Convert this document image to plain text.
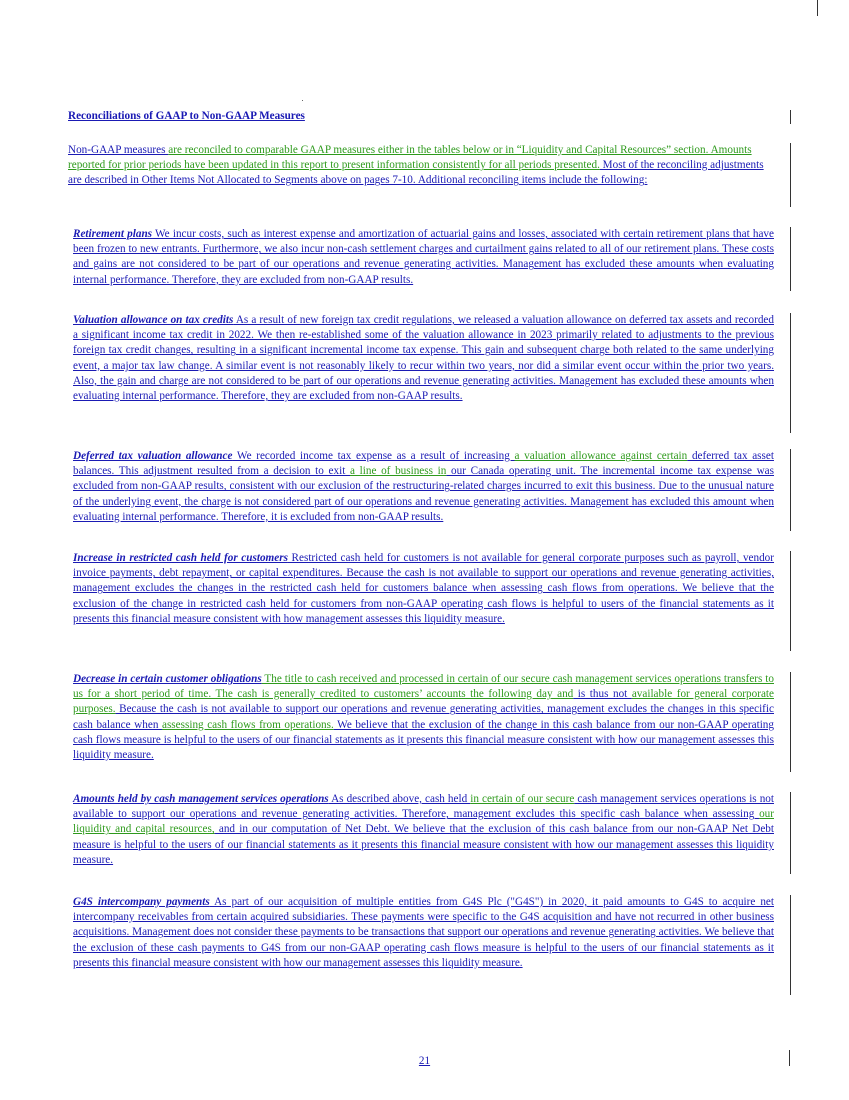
Reconciliations of GAAP to Non-GAAP Measures
Non-GAAP measures are reconciled to comparable GAAP measures either in the tables below or in “Liquidity and Capital Resources” section. Amounts reported for prior periods have been updated in this report to present information consistently for all periods presented. Most of the reconciling adjustments are described in Other Items Not Allocated to Segments above on pages 7-10. Additional reconciling items include the following:
Retirement plans We incur costs, such as interest expense and amortization of actuarial gains and losses, associated with certain retirement plans that have been frozen to new entrants. Furthermore, we also incur non-cash settlement charges and curtailment gains related to all of our retirement plans. These costs and gains are not considered to be part of our operations and revenue generating activities. Management has excluded these amounts when evaluating internal performance. Therefore, they are excluded from non-GAAP results.
Valuation allowance on tax credits As a result of new foreign tax credit regulations, we released a valuation allowance on deferred tax assets and recorded a significant income tax credit in 2022. We then re-established some of the valuation allowance in 2023 primarily related to adjustments to the previous foreign tax credit changes, resulting in a significant incremental income tax expense. This gain and subsequent charge both related to the same underlying event, a major tax law change. A similar event is not reasonably likely to recur within two years, nor did a similar event occur within the prior two years. Also, the gain and charge are not considered to be part of our operations and revenue generating activities. Management has excluded these amounts when evaluating internal performance. Therefore, they are excluded from non-GAAP results.
Deferred tax valuation allowance We recorded income tax expense as a result of increasing a valuation allowance against certain deferred tax asset balances. This adjustment resulted from a decision to exit a line of business in our Canada operating unit. The incremental income tax expense was excluded from non-GAAP results, consistent with our exclusion of the restructuring-related charges incurred to exit this business. Due to the unusual nature of the underlying event, the charge is not considered part of our operations and revenue generating activities. Management has excluded this amount when evaluating internal performance. Therefore, it is excluded from non-GAAP results.
Increase in restricted cash held for customers Restricted cash held for customers is not available for general corporate purposes such as payroll, vendor invoice payments, debt repayment, or capital expenditures. Because the cash is not available to support our operations and revenue generating activities, management excludes the changes in the restricted cash held for customers balance when assessing cash flows from operations. We believe that the exclusion of the change in restricted cash held for customers from non-GAAP operating cash flows is helpful to users of the financial statements as it presents this financial measure consistent with how management assesses this liquidity measure.
Decrease in certain customer obligations The title to cash received and processed in certain of our secure cash management services operations transfers to us for a short period of time. The cash is generally credited to customers’ accounts the following day and is thus not available for general corporate purposes. Because the cash is not available to support our operations and revenue generating activities, management excludes the changes in this specific cash balance when assessing cash flows from operations. We believe that the exclusion of the change in this cash balance from our non-GAAP operating cash flows measure is helpful to the users of our financial statements as it presents this financial measure consistent with how our management assesses this liquidity measure.
Amounts held by cash management services operations As described above, cash held in certain of our secure cash management services operations is not available to support our operations and revenue generating activities. Therefore, management excludes this specific cash balance when assessing our liquidity and capital resources, and in our computation of Net Debt. We believe that the exclusion of this cash balance from our non-GAAP Net Debt measure is helpful to the users of our financial statements as it presents this financial measure consistent with how our management assesses this liquidity measure.
G4S intercompany payments As part of our acquisition of multiple entities from G4S Plc ("G4S") in 2020, it paid amounts to G4S to acquire net intercompany receivables from certain acquired subsidiaries. These payments were specific to the G4S acquisition and have not recurred in other business acquisitions. Management does not consider these payments to be transactions that support our operations and revenue generating activities. We believe that the exclusion of these cash payments to G4S from our non-GAAP operating cash flows measure is helpful to the users of our financial statements as it presents this financial measure consistent with how our management assesses this liquidity measure.
21
